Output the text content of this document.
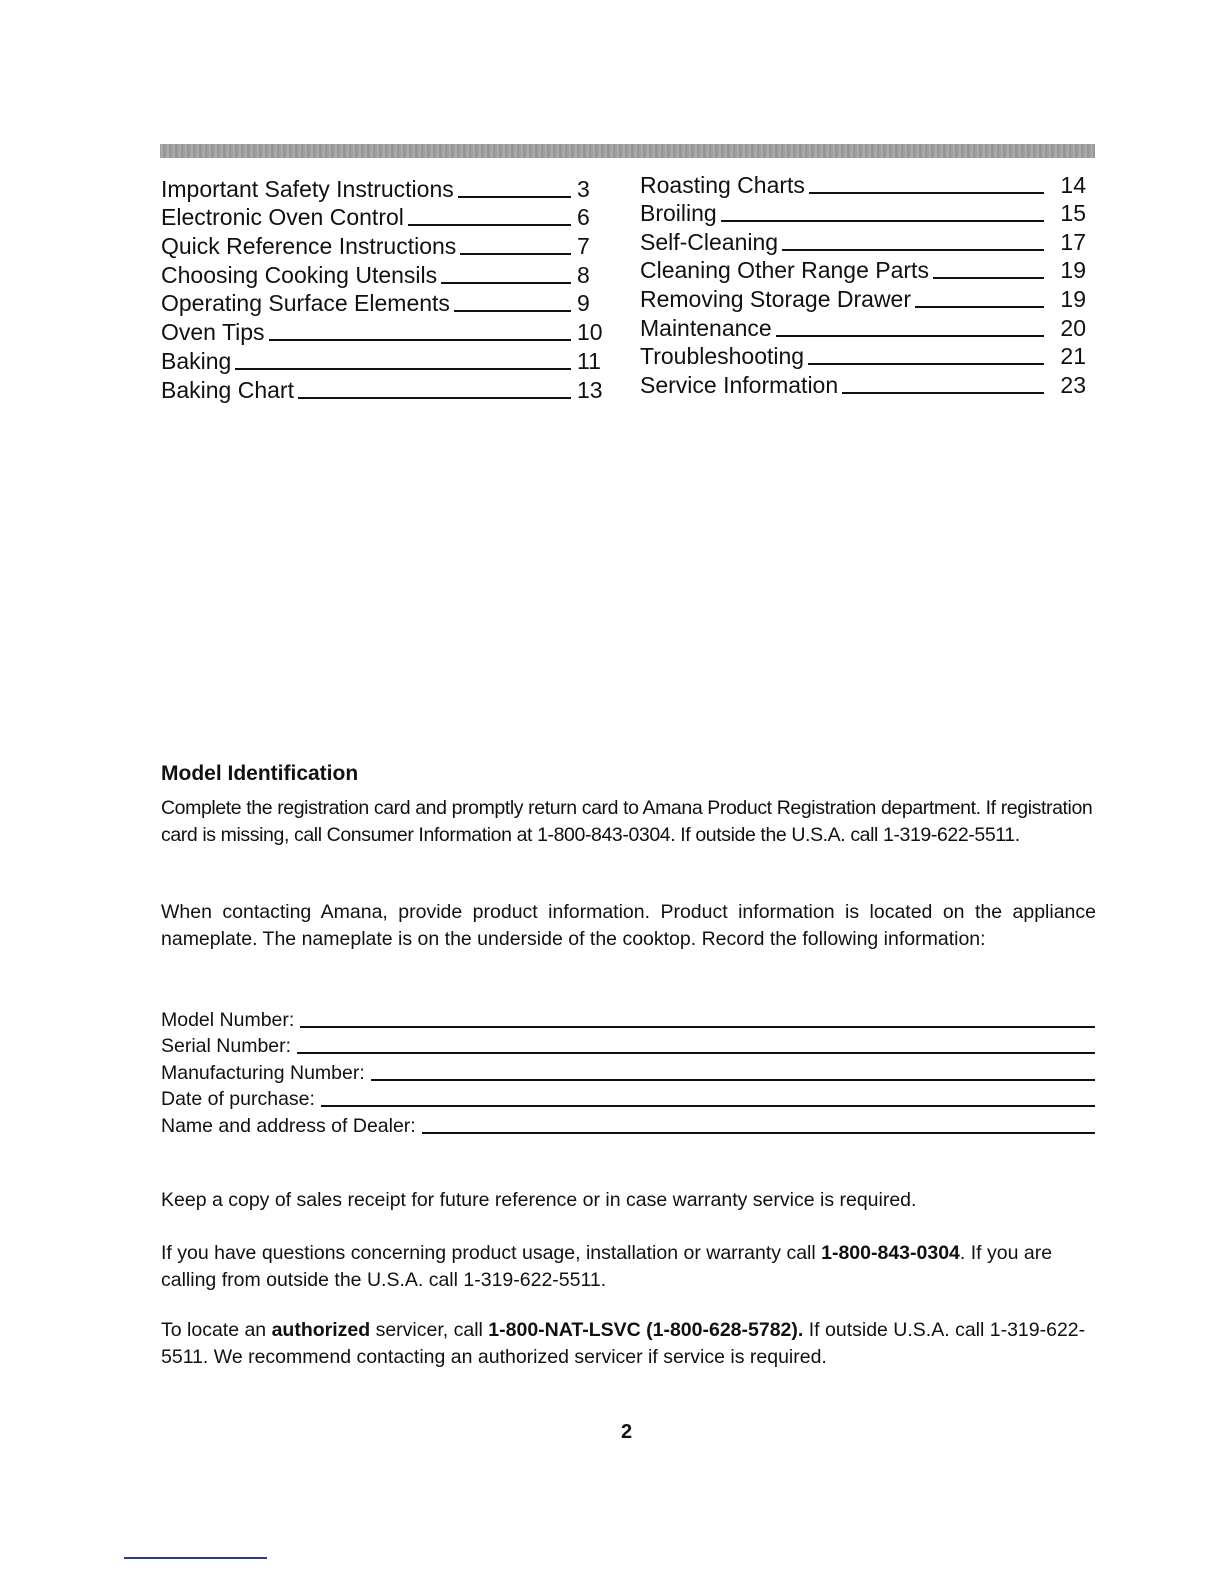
Important Safety Instructions	3
Electronic Oven Control	6
Quick Reference Instructions	7
Choosing Cooking Utensils	8
Operating Surface Elements	9
Oven Tips	10
Baking	11
Baking Chart	13
Roasting Charts	14
Broiling	15
Self-Cleaning	17
Cleaning Other Range Parts	19
Removing Storage Drawer	19
Maintenance	20
Troubleshooting	21
Service Information	23
Model Identification

Complete the registration card and promptly return card to Amana Product Registration department. If registration card is missing, call Consumer Information at 1-800-843-0304. If outside the U.S.A. call 1-319-622-5511.

When contacting Amana, provide product information. Product information is located on the appliance nameplate. The nameplate is on the underside of the cooktop. Record the following information:

Model Number:
Serial Number:
Manufacturing Number:
Date of purchase:
Name and address of Dealer:

Keep a copy of sales receipt for future reference or in case warranty service is required.

If you have questions concerning product usage, installation or warranty call 1-800-843-0304. If you are calling from outside the U.S.A. call 1-319-622-5511.

To locate an authorized servicer, call 1-800-NAT-LSVC (1-800-628-5782). If outside U.S.A. call 1-319-622-5511. We recommend contacting an authorized servicer if service is required.

2
